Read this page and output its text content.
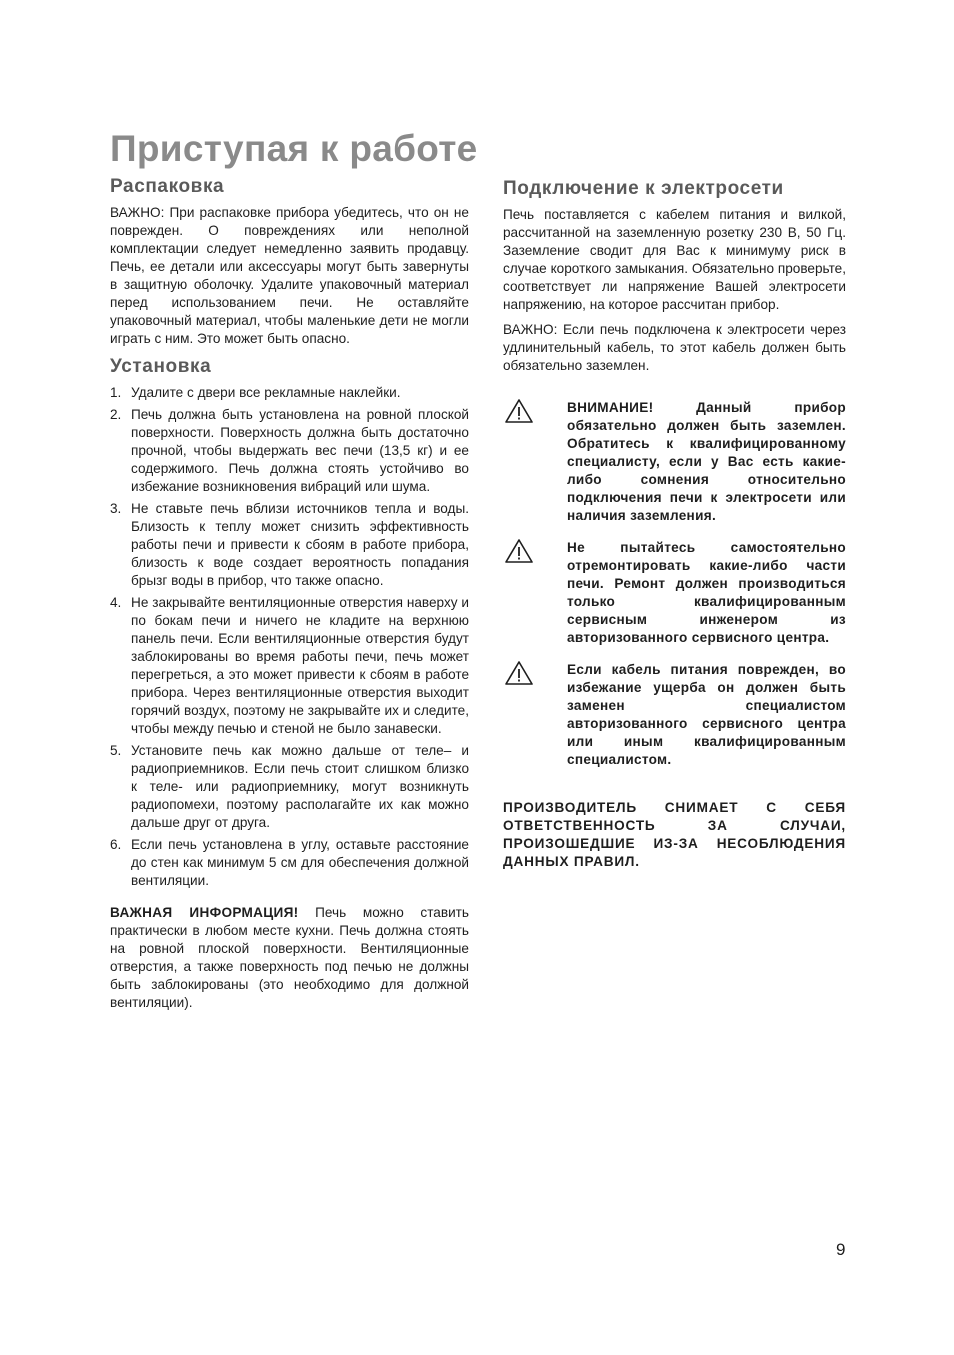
Приступая к работе
Распаковка

ВАЖНО: При распаковке прибора убедитесь, что он не поврежден. О повреждениях или неполной комплектации следует немедленно заявить продавцу. Печь, ее детали или аксессуары могут быть завернуты в защитную оболочку. Удалите упаковочный материал перед использованием печи. Не оставляйте упаковочный материал, чтобы маленькие дети не могли играть с ним. Это может быть опасно.

Установка
1. Удалите с двери все рекламные наклейки.
2. Печь должна быть установлена на ровной плоской поверхности. Поверхность должна быть достаточно прочной, чтобы выдержать вес печи (13,5 кг) и ее содержимого. Печь должна стоять устойчиво во избежание возникновения вибраций или шума.
3. Не ставьте печь вблизи источников тепла и воды. Близость к теплу может снизить эффективность работы печи и привести к сбоям в работе прибора, близость к воде создает вероятность попадания брызг воды в прибор, что также опасно.
4. Не закрывайте вентиляционные отверстия наверху и по бокам печи и ничего не кладите на верхнюю панель печи. Если вентиляционные отверстия будут заблокированы во время работы печи, печь может перегреться, а это может привести к сбоям в работе прибора. Через вентиляционные отверстия выходит горячий воздух, поэтому не закрывайте их и следите, чтобы между печью и стеной не было занавески.
5. Установите печь как можно дальше от теле– и радиоприемников. Если печь стоит слишком близко к теле- или радиоприемнику, могут возникнуть радиопомехи, поэтому располагайте их как можно дальше друг от друга.
6. Если печь установлена в углу, оставьте расстояние до стен как минимум 5 см для обеспечения должной вентиляции.

ВАЖНАЯ ИНФОРМАЦИЯ! Печь можно ставить практически в любом месте кухни. Печь должна стоять на ровной плоской поверхности. Вентиляционные отверстия, а также поверхность под печью не должны быть заблокированы (это необходимо для должной вентиляции).

Подключение к электросети

Печь поставляется с кабелем питания и вилкой, рассчитанной на заземленную розетку 230 В, 50 Гц. Заземление сводит для Вас к минимуму риск в случае короткого замыкания. Обязательно проверьте, соответствует ли напряжение Вашей электросети напряжению, на которое рассчитан прибор.

ВАЖНО: Если печь подключена к электросети через удлинительный кабель, то этот кабель должен быть обязательно заземлен.

ВНИМАНИЕ! Данный прибор обязательно должен быть заземлен. Обратитесь к квалифицированному специалисту, если у Вас есть какие-либо сомнения относительно подключения печи к электросети или наличия заземления.

Не пытайтесь самостоятельно отремонтировать какие-либо части печи. Ремонт должен производиться только квалифицированным сервисным инженером из авторизованного сервисного центра.

Если кабель питания поврежден, во избежание ущерба он должен быть заменен специалистом авторизованного сервисного центра или иным квалифицированным специалистом.

ПРОИЗВОДИТЕЛЬ СНИМАЕТ С СЕБЯ ОТВЕТСТВЕННОСТЬ ЗА СЛУЧАИ, ПРОИЗОШЕДШИЕ ИЗ-ЗА НЕСОБЛЮДЕНИЯ ДАННЫХ ПРАВИЛ.

9
